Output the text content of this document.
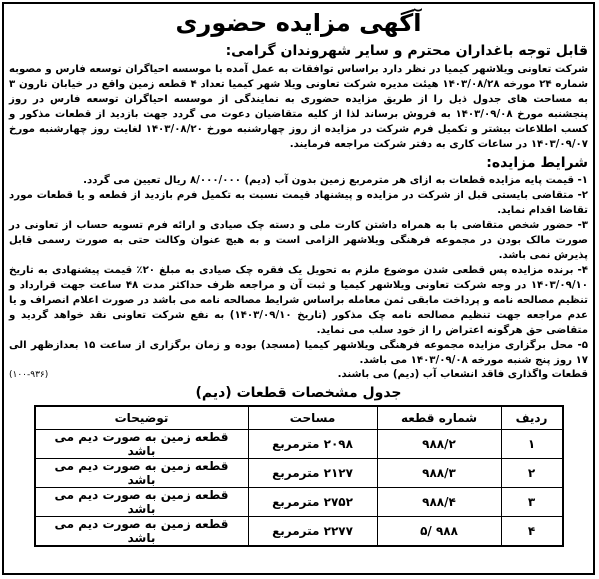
آگهی مزایده حضوری
قابل توجه باغداران محترم و سایر شهروندان گرامی:

شرکت تعاونی ویلاشهر کیمیا در نظر دارد براساس توافقات به عمل آمده با موسسه احیاگران توسعه فارس و مصوبه شماره ۲۴ مورخه ۱۴۰۳/۰۸/۲۸ هیئت مدیره شرکت تعاونی ویلا شهر کیمیا تعداد ۴ قطعه زمین واقع در خیابان نارون ۳ به مساحت های جدول ذیل را از طریق مزایده حضوری به نمایندگی از موسسه احیاگران توسعه فارس در روز پنجشنبه مورخ ۱۴۰۳/۰۹/۰۸ به فروش برساند لذا از کلیه متقاضیان دعوت می گردد جهت بازدید از قطعات مذکور و کسب اطلاعات بیشتر و تکمیل فرم شرکت در مزایده از روز چهارشنبه مورخ ۱۴۰۳/۰۸/۲۰ لغایت روز چهارشنبه مورخ ۱۴۰۳/۰۹/۰۷ در ساعات کاری به دفتر شرکت مراجعه فرمایند.

شرایط مزایده:

۱- قیمت پایه مزایده قطعات به ازای هر مترمربع زمین بدون آب (دیم) ۸/۰۰۰/۰۰۰ ریال تعیین می گردد.

۲- متقاضی بایستی قبل از شرکت در مزایده و پیشنهاد قیمت نسبت به تکمیل فرم بازدید از قطعه و یا قطعات مورد تقاضا اقدام نماید.

۳- حضور شخص متقاضی با به همراه داشتن کارت ملی و دسته چک صیادی و ارائه فرم تسویه حساب از تعاونی در صورت مالک بودن در مجموعه فرهنگی ویلاشهر الزامی است و به هیچ عنوان وکالت حتی به صورت رسمی قابل پذیرش نمی باشد.

۴- برنده مزایده پس قطعی شدن موضوع ملزم به تحویل یک فقره چک صیادی به مبلغ ۲۰٪ قیمت پیشنهادی به تاریخ ۱۴۰۳/۰۹/۱۰ در وجه شرکت تعاونی ویلاشهر کیمیا و ثبت آن و مراجعه ظرف حداکثر مدت ۴۸ ساعت جهت قرارداد و تنظیم مصالحه نامه و پرداخت مابقی ثمن معامله براساس شرایط مصالحه نامه می باشد در صورت اعلام انصراف و یا عدم مراجعه جهت تنظیم مصالحه نامه چک مذکور (تاریخ ۱۴۰۳/۰۹/۱۰) به نفع شرکت تعاونی نقد خواهد گردید و متقاضی حق هرگونه اعتراض را از خود سلب می نماید.

۵- محل برگزاری مزایده مجموعه فرهنگی ویلاشهر کیمیا (مسجد) بوده و زمان برگزاری از ساعت ۱۵ بعدازظهر الی ۱۷ روز پنج شنبه مورخه ۱۴۰۳/۰۹/۰۸ می باشد.

قطعات واگذاری فاقد انشعاب آب (دیم) می باشند.
(۱۰۰-۹۳۶)
جدول مشخصات قطعات (دیم)
ردیف	شماره قطعه	مساحت	توضیحات
۱	۹۸۸/۲	۲۰۹۸ مترمربع	قطعه زمین به صورت دیم می باشد
۲	۹۸۸/۳	۲۱۲۷ مترمربع	قطعه زمین به صورت دیم می باشد
۳	۹۸۸/۴	۲۷۵۲ مترمربع	قطعه زمین به صورت دیم می باشد
۴	۹۸۸ /۵	۲۲۷۷ مترمربع	قطعه زمین به صورت دیم می باشد
